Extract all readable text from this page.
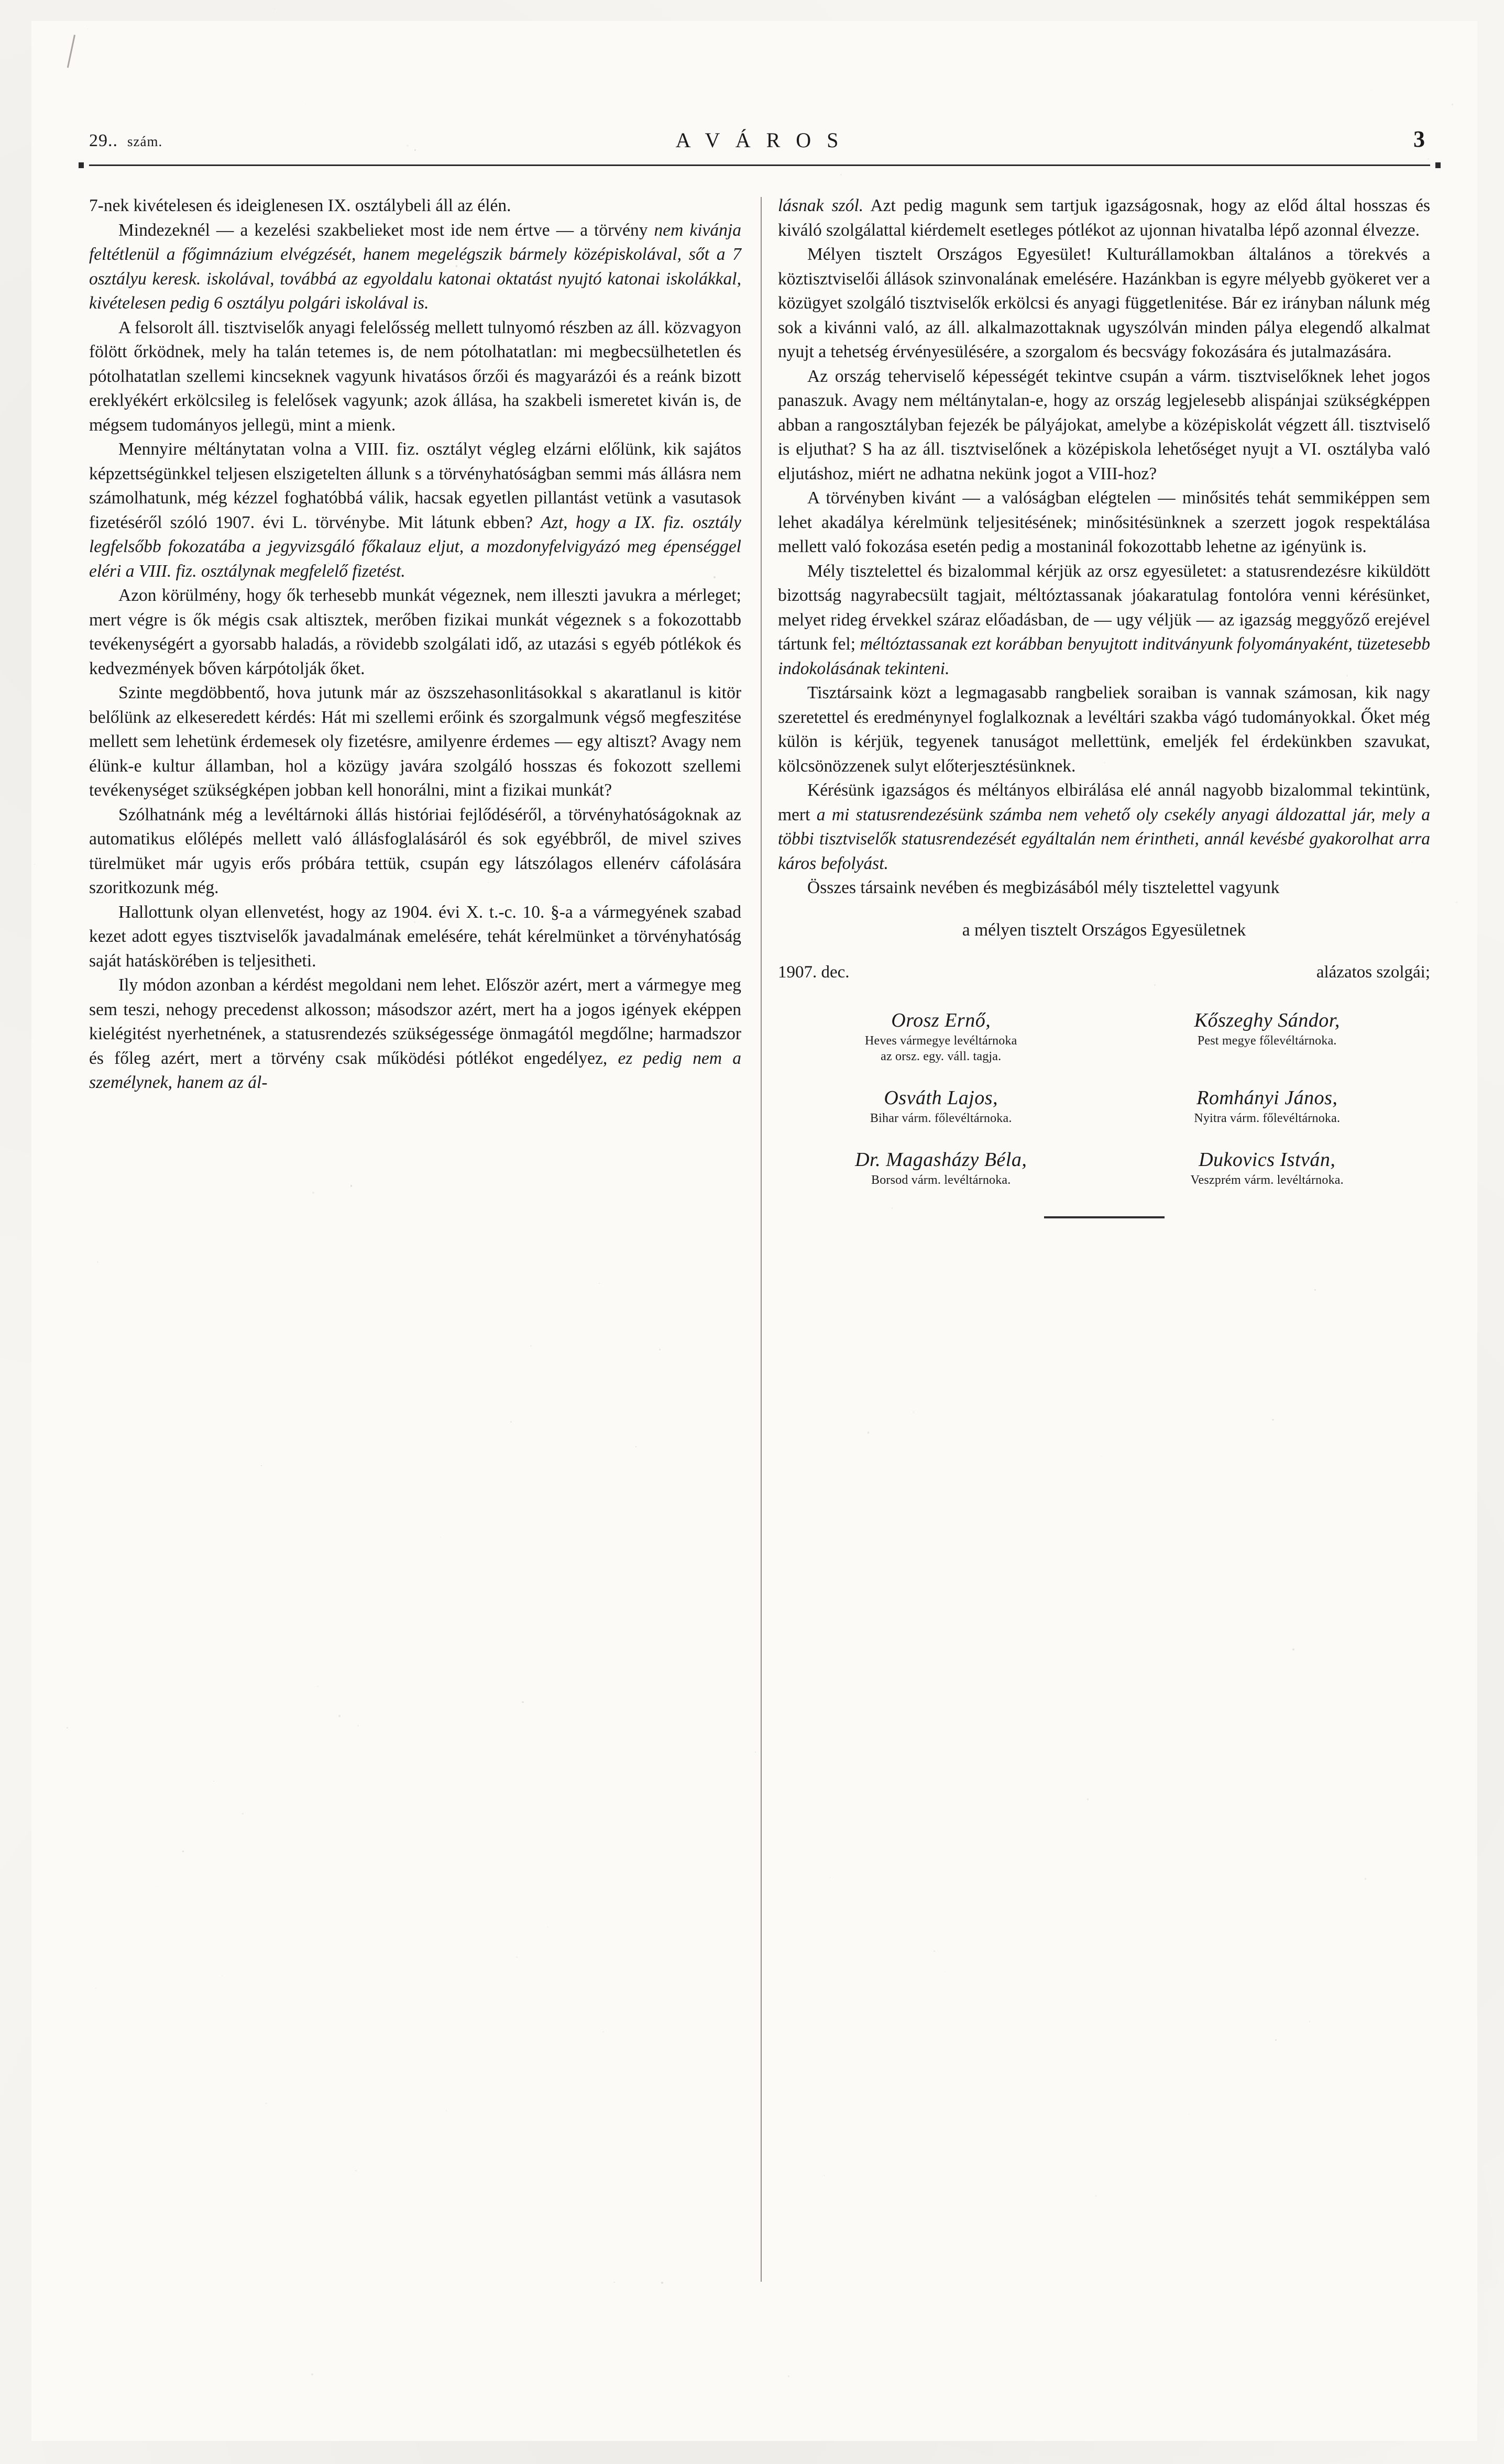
29.. szám.	A V Á R O S	3

7-nek kivételesen és ideiglenesen IX. osztálybeli áll az élén.

Mindezeknél — a kezelési szakbelieket most ide nem értve — a törvény nem kivánja feltétlenül a főgimnázium elvégzését, hanem megelégszik bármely középiskolával, sőt a 7 osztályu keresk. iskolával, továbbá az egyoldalu katonai oktatást nyujtó katonai iskolákkal, kivételesen pedig 6 osztályu polgári iskolával is.

A felsorolt áll. tisztviselők anyagi felelősség mellett tulnyomó részben az áll. közvagyon fölött őrködnek, mely ha talán tetemes is, de nem pótolhatatlan: mi megbecsülhetetlen és pótolhatatlan szellemi kincseknek vagyunk hivatásos őrzői és magyarázói és a reánk bizott ereklyékért erkölcsileg is felelősek vagyunk; azok állása, ha szakbeli ismeretet kiván is, de mégsem tudományos jellegü, mint a mienk.

Mennyire méltánytatan volna a VIII. fiz. osztályt végleg elzárni előlünk, kik sajátos képzettségünkkel teljesen elszigetelten állunk s a törvényhatóságban semmi más állásra nem számolhatunk, még kézzel foghatóbbá válik, hacsak egyetlen pillantást vetünk a vasutasok fizetéséről szóló 1907. évi L. törvénybe. Mit látunk ebben? Azt, hogy a IX. fiz. osztály legfelsőbb fokozatába a jegyvizsgáló főkalauz eljut, a mozdonyfelvigyázó meg épenséggel eléri a VIII. fiz. osztálynak megfelelő fizetést.

Azon körülmény, hogy ők terhesebb munkát végeznek, nem illeszti javukra a mérleget; mert végre is ők mégis csak altisztek, merőben fizikai munkát végeznek s a fokozottabb tevékenységért a gyorsabb haladás, a rövidebb szolgálati idő, az utazási s egyéb pótlékok és kedvezmények bőven kárpótolják őket.

Szinte megdöbbentő, hova jutunk már az öszszehasonlitásokkal s akaratlanul is kitör belőlünk az elkeseredett kérdés: Hát mi szellemi erőink és szorgalmunk végső megfeszitése mellett sem lehetünk érdemesek oly fizetésre, amilyenre érdemes — egy altiszt? Avagy nem élünk-e kultur államban, hol a közügy javára szolgáló hosszas és fokozott szellemi tevékenységet szükségképen jobban kell honorálni, mint a fizikai munkát?

Szólhatnánk még a levéltárnoki állás históriai fejlődéséről, a törvényhatóságoknak az automatikus előlépés mellett való állásfoglalásáról és sok egyébbről, de mivel szives türelmüket már ugyis erős próbára tettük, csupán egy látszólagos ellenérv cáfolására szoritkozunk még.

Hallottunk olyan ellenvetést, hogy az 1904. évi X. t.-c. 10. §-a a vármegyének szabad kezet adott egyes tisztviselők javadalmának emelésére, tehát kérelmünket a törvényhatóság saját hatáskörében is teljesitheti.

Ily módon azonban a kérdést megoldani nem lehet. Először azért, mert a vármegye meg sem teszi, nehogy precedenst alkosson; másodszor azért, mert ha a jogos igények eképpen kielégitést nyerhetnének, a statusrendezés szükségessége önmagától megdőlne; harmadszor és főleg azért, mert a törvény csak működési pótlékot engedélyez, ez pedig nem a személynek, hanem az ál-

lásnak szól. Azt pedig magunk sem tartjuk igazságosnak, hogy az előd által hosszas és kiváló szolgálattal kiérdemelt esetleges pótlékot az ujonnan hivatalba lépő azonnal élvezze.

Mélyen tisztelt Országos Egyesület! Kulturállamokban általános a törekvés a köztisztviselői állások szinvonalának emelésére. Hazánkban is egyre mélyebb gyökeret ver a közügyet szolgáló tisztviselők erkölcsi és anyagi függetlenitése. Bár ez irányban nálunk még sok a kivánni való, az áll. alkalmazottaknak ugyszólván minden pálya elegendő alkalmat nyujt a tehetség érvényesülésére, a szorgalom és becsvágy fokozására és jutalmazására.

Az ország teherviselő képességét tekintve csupán a várm. tisztviselőknek lehet jogos panaszuk. Avagy nem méltánytalan-e, hogy az ország legjelesebb alispánjai szükségképpen abban a rangosztályban fejezék be pályájokat, amelybe a középiskolát végzett áll. tisztviselő is eljuthat? S ha az áll. tisztviselőnek a középiskola lehetőséget nyujt a VI. osztályba való eljutáshoz, miért ne adhatna nekünk jogot a VIII-hoz?

A törvényben kivánt — a valóságban elégtelen — minősités tehát semmiképpen sem lehet akadálya kérelmünk teljesitésének; minősitésünknek a szerzett jogok respektálása mellett való fokozása esetén pedig a mostaninál fokozottabb lehetne az igényünk is.

Mély tisztelettel és bizalommal kérjük az orsz egyesületet: a statusrendezésre kiküldött bizottság nagyrabecsült tagjait, méltóztassanak jóakaratulag fontolóra venni kérésünket, melyet rideg érvekkel száraz előadásban, de — ugy véljük — az igazság meggyőző erejével tártunk fel; méltóztassanak ezt korábban benyujtott inditványunk folyományaként, tüzetesebb indokolásának tekinteni.

Tisztársaink közt a legmagasabb rangbeliek soraiban is vannak számosan, kik nagy szeretettel és eredménynyel foglalkoznak a levéltári szakba vágó tudományokkal. Őket még külön is kérjük, tegyenek tanuságot mellettünk, emeljék fel érdekünkben szavukat, kölcsönözzenek sulyt előterjesztésünknek.

Kérésünk igazságos és méltányos elbirálása elé annál nagyobb bizalommal tekintünk, mert a mi statusrendezésünk számba nem vehető oly csekély anyagi áldozattal jár, mely a többi tisztviselők statusrendezését egyáltalán nem érintheti, annál kevésbé gyakorolhat arra káros befolyást.

Összes társaink nevében és megbizásából mély tisztelettel vagyunk

a mélyen tisztelt Országos Egyesületnek
1907. dec.	alázatos szolgái;
Orosz Ernő,
Heves vármegye levéltárnoka
az orsz. egy. váll. tagja.
Kőszeghy Sándor,
Pest megye főlevéltárnoka.
Osváth Lajos,
Bihar várm. főlevéltárnoka.
Romhányi János,
Nyitra várm. főlevéltárnoka.
Dr. Magasházy Béla,
Borsod várm. levéltárnoka.
Dukovics István,
Veszprém várm. levéltárnoka.
